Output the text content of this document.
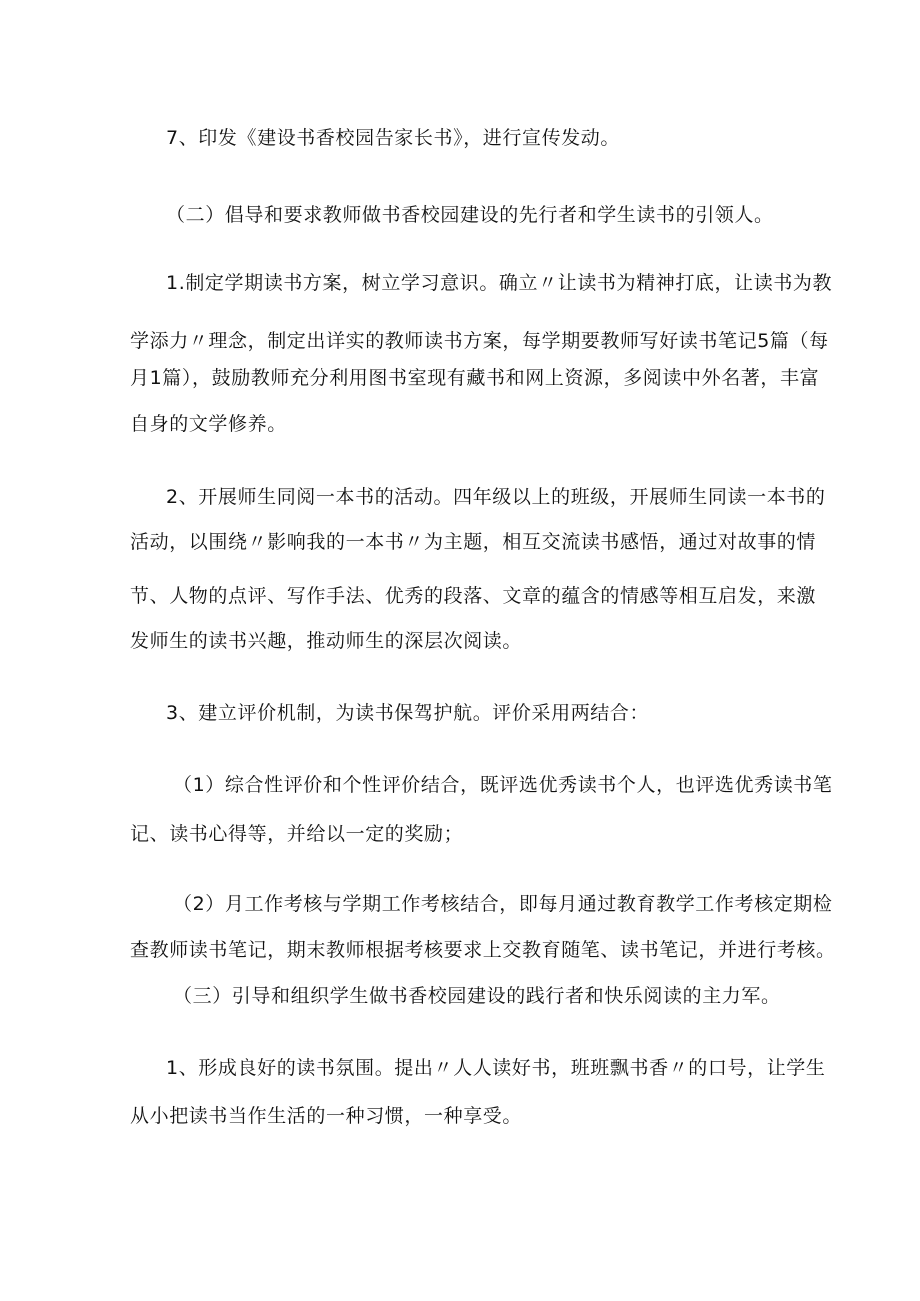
7、印发《建设书香校园告家长书》，进行宣传发动。

（二）倡导和要求教师做书香校园建设的先行者和学生读书的引领人。

1.制定学期读书方案，树立学习意识。确立〃让读书为精神打底，让读书为教

学添力〃理念，制定出详实的教师读书方案，每学期要教师写好读书笔记5篇（每

月1篇），鼓励教师充分利用图书室现有藏书和网上资源，多阅读中外名著，丰富

自身的文学修养。

2、开展师生同阅一本书的活动。四年级以上的班级，开展师生同读一本书的

活动，以围绕〃影响我的一本书〃为主题，相互交流读书感悟，通过对故事的情

节、人物的点评、写作手法、优秀的段落、文章的蕴含的情感等相互启发，来激

发师生的读书兴趣，推动师生的深层次阅读。

3、建立评价机制，为读书保驾护航。评价采用两结合：

（1）综合性评价和个性评价结合，既评选优秀读书个人，也评选优秀读书笔

记、读书心得等，并给以一定的奖励；

（2）月工作考核与学期工作考核结合，即每月通过教育教学工作考核定期检

查教师读书笔记，期末教师根据考核要求上交教育随笔、读书笔记，并进行考核。

（三）引导和组织学生做书香校园建设的践行者和快乐阅读的主力军。

1、形成良好的读书氛围。提出〃人人读好书，班班飘书香〃的口号，让学生

从小把读书当作生活的一种习惯，一种享受。
